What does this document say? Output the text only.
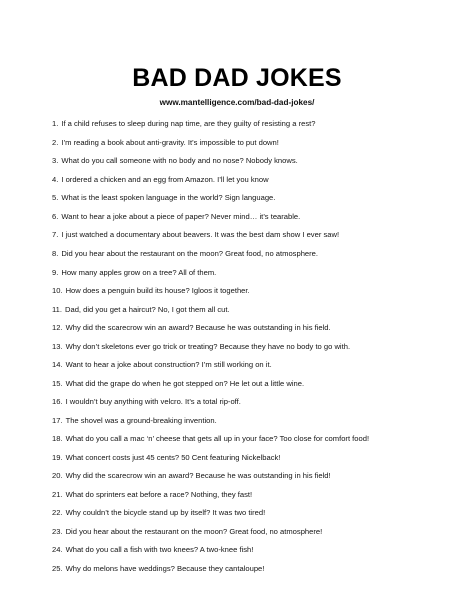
BAD DAD JOKES
www.mantelligence.com/bad-dad-jokes/
1. If a child refuses to sleep during nap time, are they guilty of resisting a rest?
2. I’m reading a book about anti-gravity. It’s impossible to put down!
3. What do you call someone with no body and no nose? Nobody knows.
4. I ordered a chicken and an egg from Amazon. I’ll let you know
5. What is the least spoken language in the world? Sign language.
6. Want to hear a joke about a piece of paper? Never mind… it’s tearable.
7. I just watched a documentary about beavers. It was the best dam show I ever saw!
8. Did you hear about the restaurant on the moon? Great food, no atmosphere.
9. How many apples grow on a tree? All of them.
10. How does a penguin build its house? Igloos it together.
11. Dad, did you get a haircut? No, I got them all cut.
12. Why did the scarecrow win an award? Because he was outstanding in his field.
13. Why don’t skeletons ever go trick or treating? Because they have no body to go with.
14. Want to hear a joke about construction? I’m still working on it.
15. What did the grape do when he got stepped on? He let out a little wine.
16. I wouldn’t buy anything with velcro. It’s a total rip-off.
17. The shovel was a ground-breaking invention.
18. What do you call a mac ‘n’ cheese that gets all up in your face? Too close for comfort food!
19. What concert costs just 45 cents? 50 Cent featuring Nickelback!
20. Why did the scarecrow win an award? Because he was outstanding in his field!
21. What do sprinters eat before a race? Nothing, they fast!
22. Why couldn’t the bicycle stand up by itself? It was two tired!
23. Did you hear about the restaurant on the moon? Great food, no atmosphere!
24. What do you call a fish with two knees? A two-knee fish!
25. Why do melons have weddings? Because they cantaloupe!
